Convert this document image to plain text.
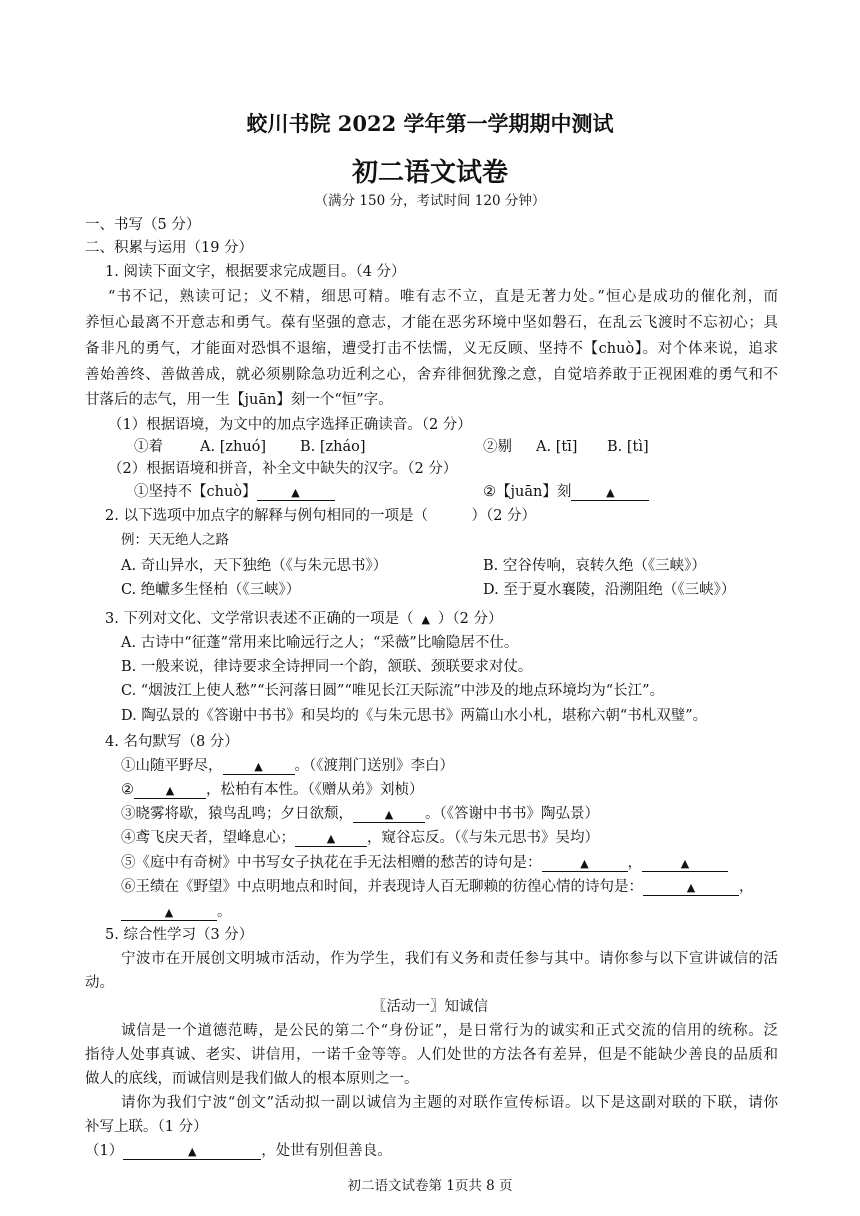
蛟川书院 2022 学年第一学期期中测试
初二语文试卷
（满分 150 分，考试时间 120 分钟）
一、书写（5 分）
二、积累与运用（19 分）
1. 阅读下面文字，根据要求完成题目。（4 分）
“书不记，熟读可记；义不精，细思可精。唯有志不立，直是无著力处。”恒心是成功的催化剂，而
养恒心最离不开意志和勇气。葆有坚强的意志，才能在恶劣环境中坚如磐石，在乱云飞渡时不忘初心；具
备非凡的勇气，才能面对恐惧不退缩，遭受打击不怯懦，义无反顾、坚持不【chuò】。对个体来说，追求
善始善终、善做善成，就必须剔除急功近利之心，舍弃徘徊犹豫之意，自觉培养敢于正视困难的勇气和不
甘落后的志气，用一生【juān】刻一个“恒”字。
（1）根据语境，为文中的加点字选择正确读音。（2 分）
①着	A. [zhuó] B. [zháo]	②剔 A. [tī] B. [tì]
（2）根据语境和拼音，补全文中缺失的汉字。（2 分）
①坚持不【chuò】	▲	②【juān】刻	▲
2. 以下选项中加点字的解释与例句相同的一项是（　　　）（2 分）
例：天无绝人之路
A. 奇山异水，天下独绝（《与朱元思书》）	B. 空谷传响，哀转久绝（《三峡》）
C. 绝巘多生怪柏（《三峡》）	D. 至于夏水襄陵，沿溯阻绝（《三峡》）
3. 下列对文化、文学常识表述不正确的一项是（ ▲ ）（2 分）
A. 古诗中“征蓬”常用来比喻远行之人；“采薇”比喻隐居不仕。
B. 一般来说，律诗要求全诗押同一个韵，颔联、颈联要求对仗。
C. “烟波江上使人愁”“长河落日圆”“唯见长江天际流”中涉及的地点环境均为“长江”。
D. 陶弘景的《答谢中书书》和吴均的《与朱元思书》两篇山水小札，堪称六朝“书札双璧”。
4. 名句默写（8 分）
①山随平野尽，	▲ 。（《渡荆门送别》李白）
②	▲ ，松柏有本性。（《赠从弟》刘桢）
③晓雾将歇，猿鸟乱鸣；夕日欲颓，	▲ 。（《答谢中书书》陶弘景）
④鸢飞戾天者，望峰息心；	▲ ，窥谷忘反。（《与朱元思书》吴均）
⑤《庭中有奇树》中书写女子执花在手无法相赠的愁苦的诗句是：	▲	，	▲
⑥王绩在《野望》中点明地点和时间，并表现诗人百无聊赖的彷徨心情的诗句是：	▲	，
▲	。
5. 综合性学习（3 分）
宁波市在开展创文明城市活动，作为学生，我们有义务和责任参与其中。请你参与以下宣讲诚信的活
动。
〖活动一〗知诚信
诚信是一个道德范畴，是公民的第二个“身份证”，是日常行为的诚实和正式交流的信用的统称。泛
指待人处事真诚、老实、讲信用，一诺千金等等。人们处世的方法各有差异，但是不能缺少善良的品质和
做人的底线，而诚信则是我们做人的根本原则之一。
请你为我们宁波“创文”活动拟一副以诚信为主题的对联作宣传标语。以下是这副对联的下联，请你
补写上联。（1 分）
（1）	▲	，处世有别但善良。
初二语文试卷第 1页共 8 页
